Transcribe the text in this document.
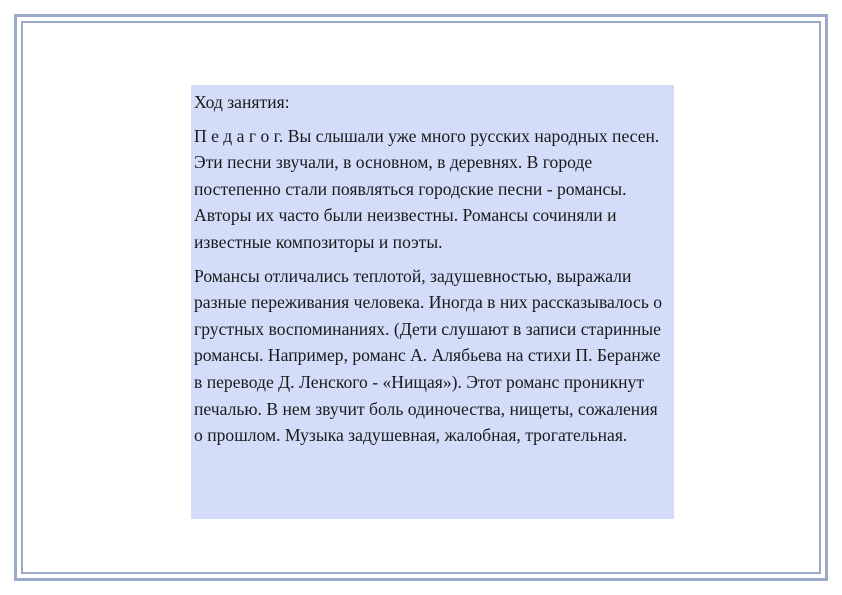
Ход занятия:

П е д а г о г. Вы слышали уже много русских народных песен. Эти песни звучали, в основном, в деревнях. В городе постепенно стали появляться городские песни - романсы. Авторы их часто были неизвестны. Романсы сочиняли и известные композиторы и поэты.

Романсы отличались теплотой, задушевностью, выражали разные переживания человека. Иногда в них рассказывалось о грустных воспоминаниях. (Дети слушают в записи старинные романсы. Например, романс А. Алябьева на стихи П. Беранже в переводе Д. Ленского - «Нищая»). Этот романс проникнут печалью. В нем звучит боль одиночества, нищеты, сожаления о прошлом. Музыка задушевная, жалобная, трогательная.
